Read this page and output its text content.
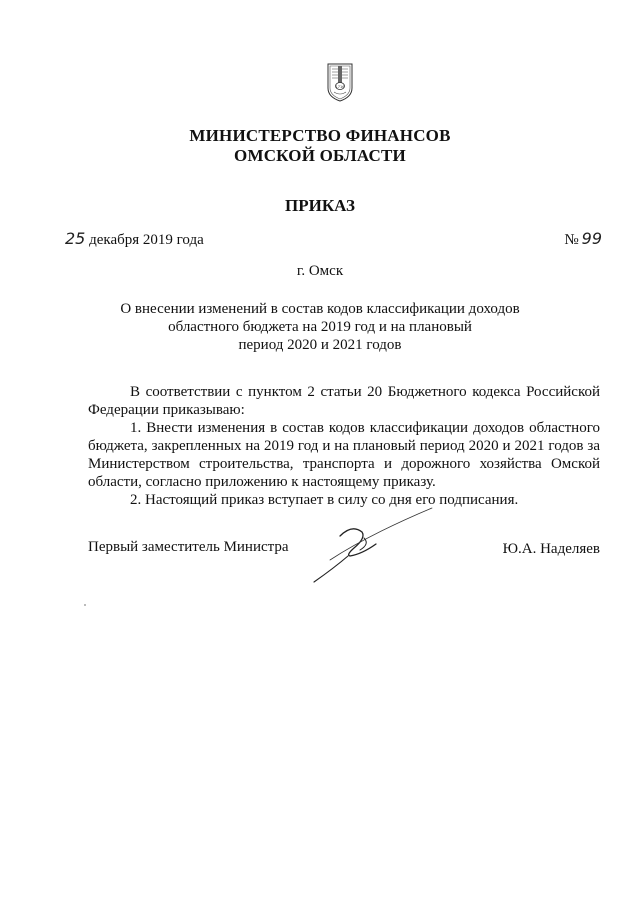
1716
МИНИСТЕРСТВО ФИНАНСОВ
ОМСКОЙ ОБЛАСТИ
ПРИКАЗ
25 декабря 2019 года	№ 99
г. Омск
О внесении изменений в состав кодов классификации доходов
областного бюджета на 2019 год и на плановый
период 2020 и 2021 годов

В соответствии с пунктом 2 статьи 20 Бюджетного кодекса Российской Федерации приказываю:

1. Внести изменения в состав кодов классификации доходов областного бюджета, закрепленных на 2019 год и на плановый период 2020 и 2021 годов за Министерством строительства, транспорта и дорожного хозяйства Омской области, согласно приложению к настоящему приказу.

2. Настоящий приказ вступает в силу со дня его подписания.

Первый заместитель Министра	Ю.А. Наделяев
